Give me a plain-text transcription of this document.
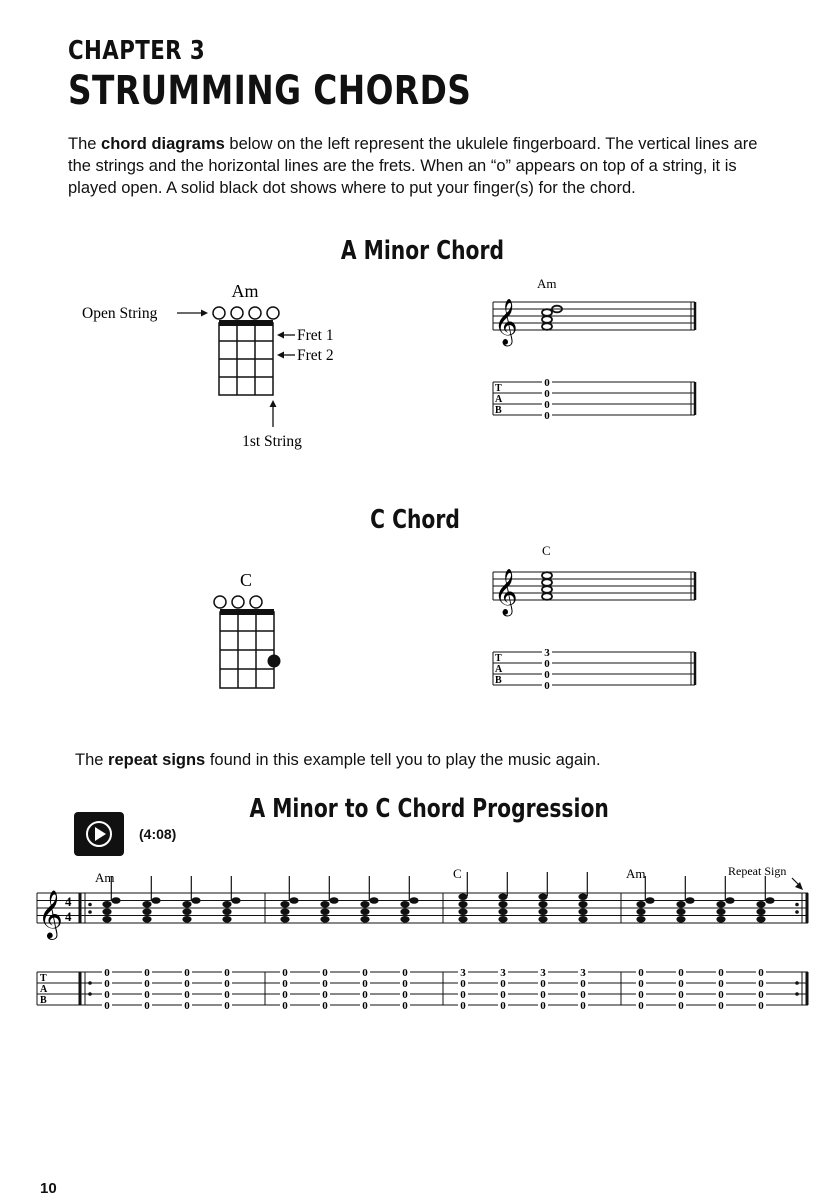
CHAPTER 3
STRUMMING CHORDS
The chord diagrams below on the left represent the ukulele fingerboard. The vertical lines are the strings and the horizontal lines are the frets. When an “o” appears on top of a string, it is played open. A solid black dot shows where to put your finger(s) for the chord.
A Minor Chord
Am
Open String
Fret 1
Fret 2
1st String
Am
𝄞
T
A
B
0
0
0
0
C Chord
C
C
𝄞
T
A
B
3
0
0
0
The repeat signs found in this example tell you to play the music again.
A Minor to C Chord Progression
(4:08)
Am	C	Am	Repeat Sign
𝄞 4
4
T
A
B
0
0
0
0
0
0
0
0
0
0
0
0
0
0
0
0
0
0
0
0
0
0
0
0
0
0
0
0
0
0
0
0
3
0
0
0
3
0
0
0
3
0
0
0
3
0
0
0
0
0
0
0
0
0
0
0
0
0
0
0
0
0
0
0
10
